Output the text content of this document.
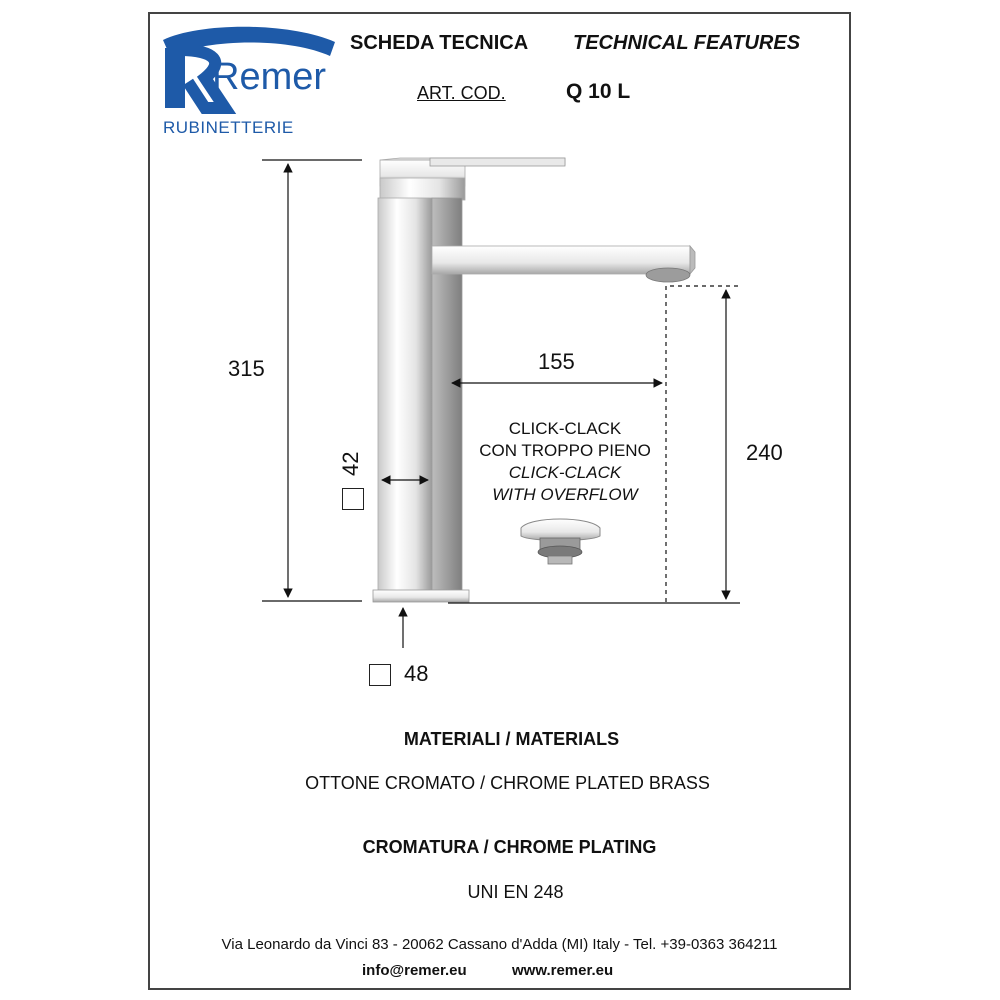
Remer
RUBINETTERIE
SCHEDA TECNICA TECHNICAL FEATURES
ART. COD.	Q 10 L
315	155
240
42
48
CLICK-CLACK
CON TROPPO PIENO
CLICK-CLACK
WITH OVERFLOW
MATERIALI / MATERIALS
OTTONE CROMATO / CHROME PLATED BRASS
CROMATURA / CHROME PLATING
UNI EN 248
Via Leonardo da Vinci 83 - 20062 Cassano d'Adda (MI) Italy - Tel. +39-0363 364211
info@remer.eu	www.remer.eu
